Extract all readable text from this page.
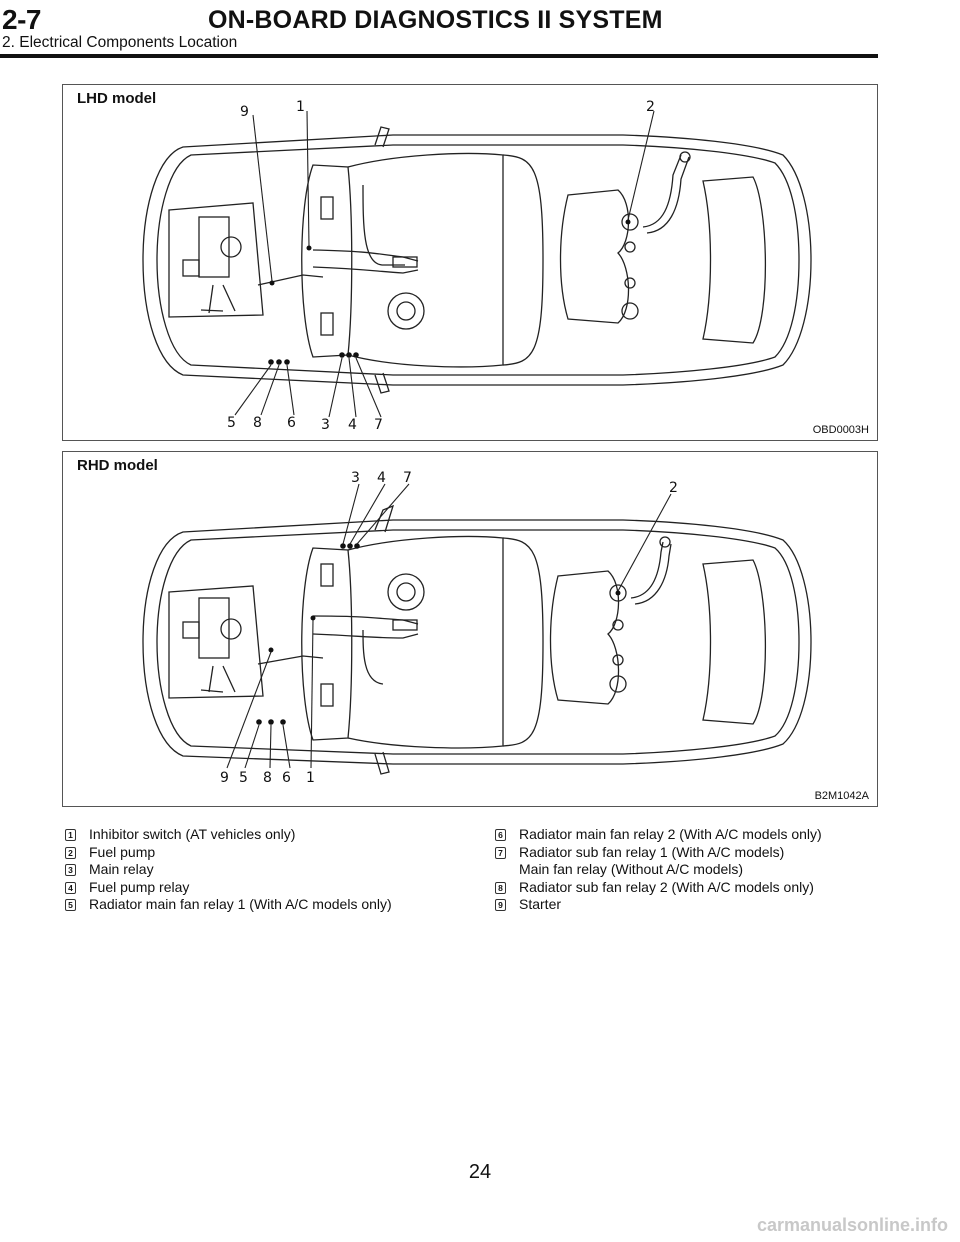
2-7	ON-BOARD DIAGNOSTICS II SYSTEM
2. Electrical Components Location
9	1	2
5 8 6 3 4 7
LHD model
OBD0003H
3 4 7
2
9 5 8 6 1
RHD model
B2M1042A
1 Inhibitor switch (AT vehicles only)
2 Fuel pump
3 Main relay
4 Fuel pump relay
5 Radiator main fan relay 1 (With A/C models only)
6 Radiator main fan relay 2 (With A/C models only)
7 Radiator sub fan relay 1 (With A/C models)
Main fan relay (Without A/C models)
8 Radiator sub fan relay 2 (With A/C models only)
9 Starter
24
carmanualsonline.info
